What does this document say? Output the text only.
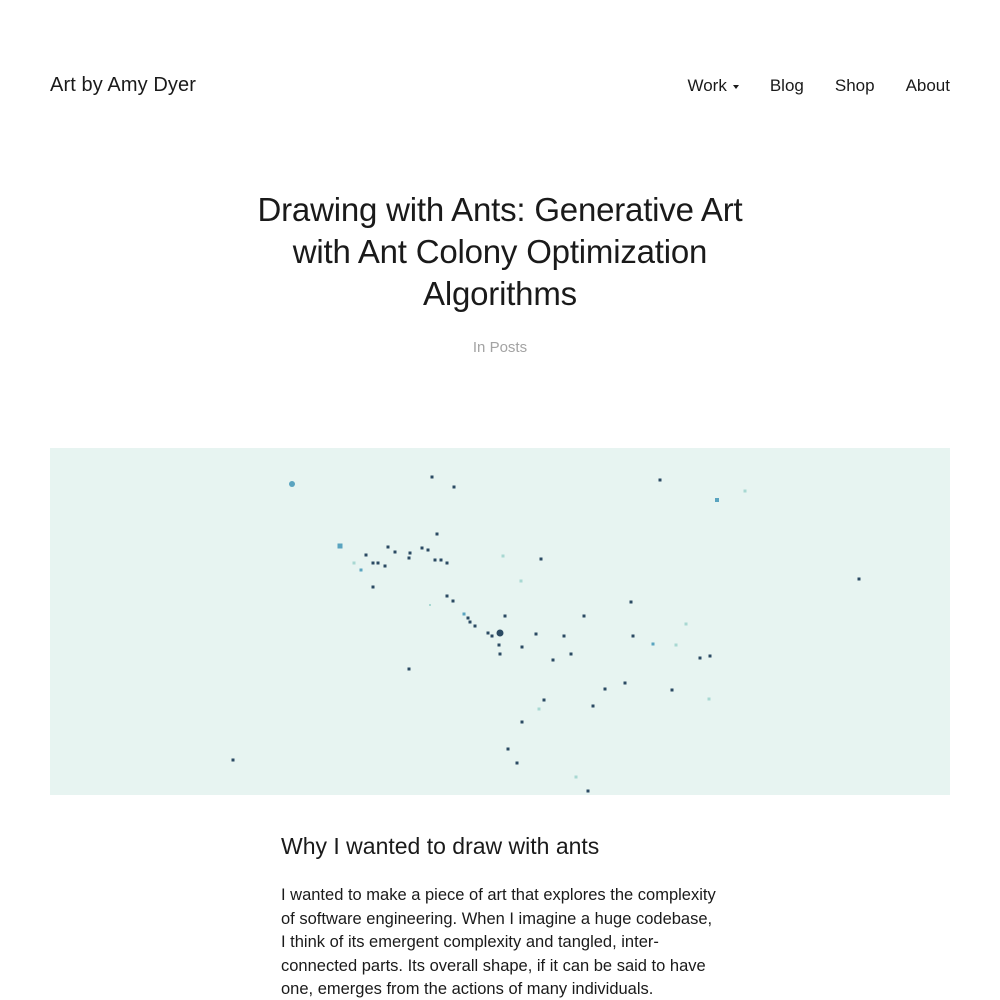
Art by Amy Dyer	Work	Blog Shop About
Drawing with Ants: Generative Art with Ant Colony Optimization Algorithms
In Posts
Why I wanted to draw with ants

I wanted to make a piece of art that explores the complexity of software engineering. When I imagine a huge codebase, I think of its emergent complexity and tangled, inter-connected parts. Its overall shape, if it can be said to have one, emerges from the actions of many individuals.
